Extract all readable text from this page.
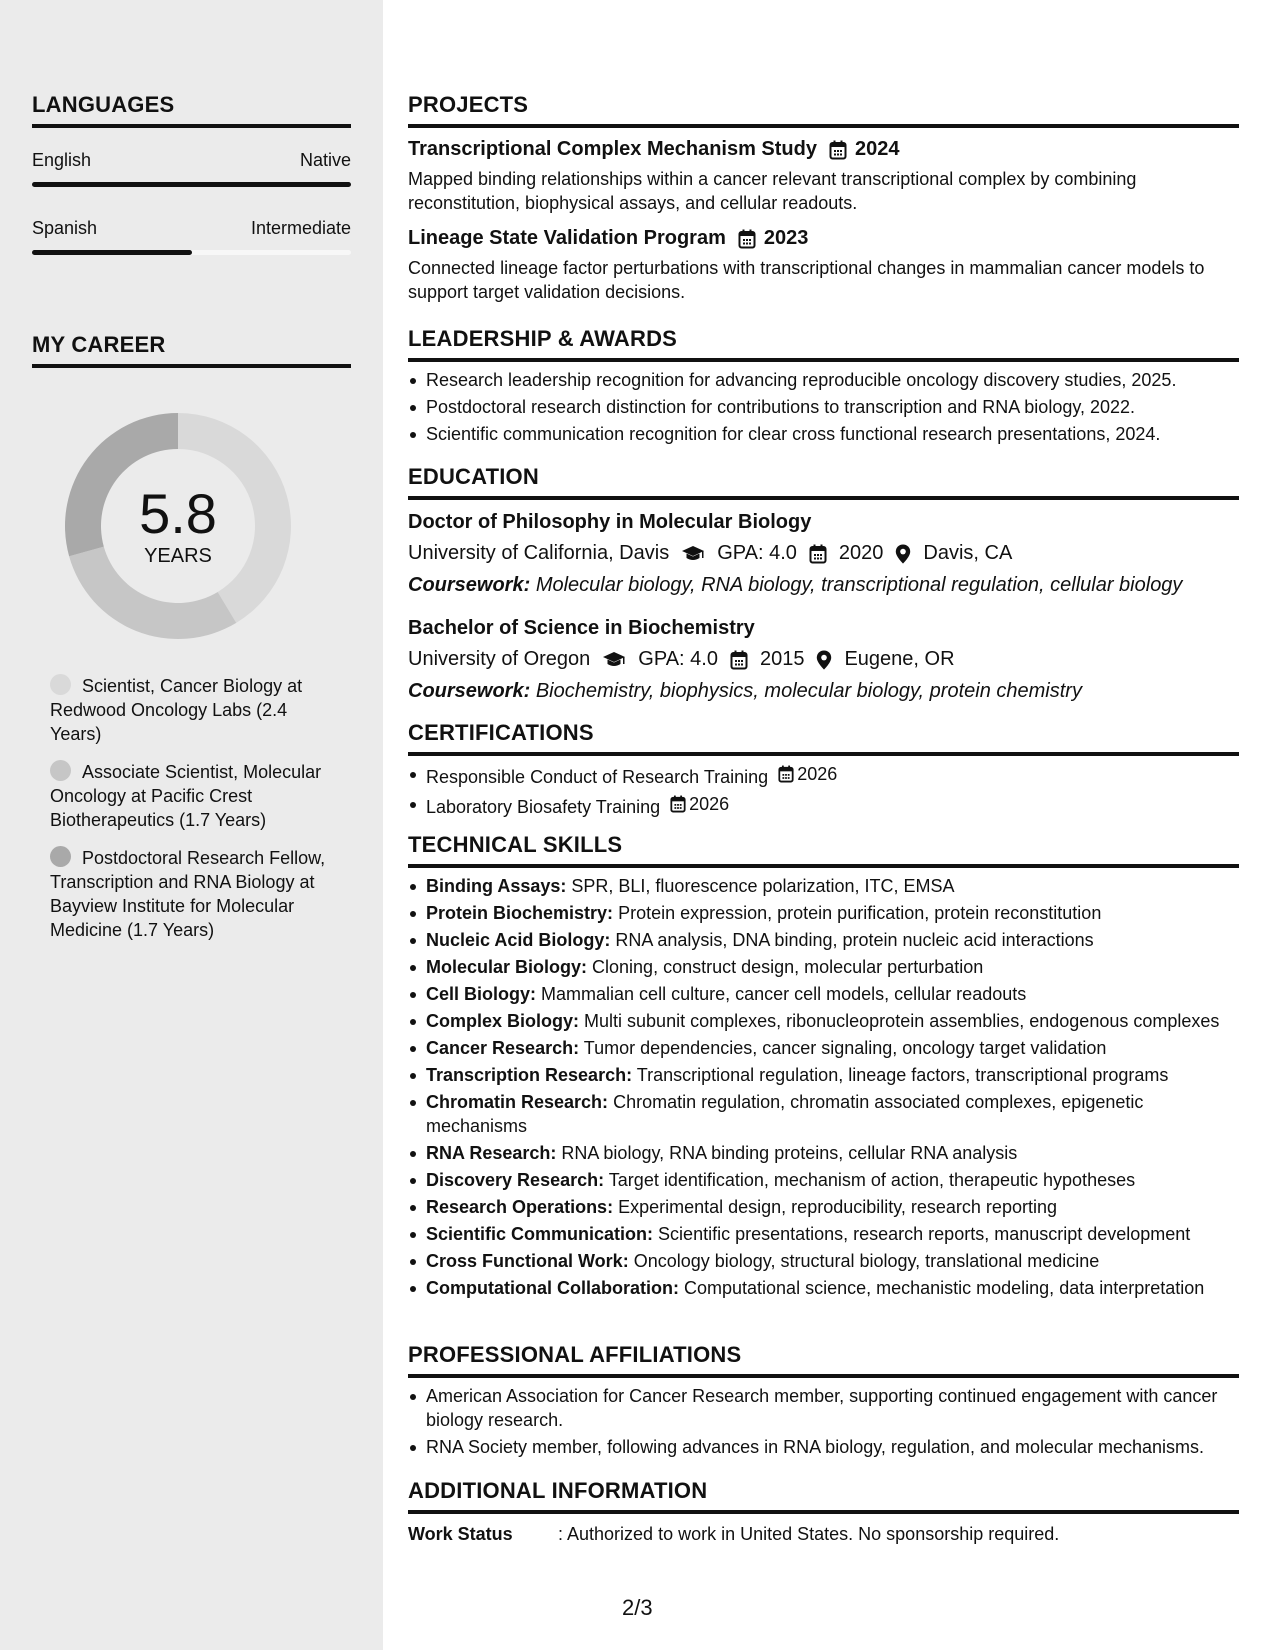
LANGUAGES
English	Native
Spanish	Intermediate
MY CAREER
5.8
YEARS
Scientist, Cancer Biology at Redwood Oncology Labs (2.4 Years)
Associate Scientist, Molecular Oncology at Pacific Crest Biotherapeutics (1.7 Years)
Postdoctoral Research Fellow, Transcription and RNA Biology at Bayview Institute for Molecular Medicine (1.7 Years)
PROJECTS
Transcriptional Complex Mechanism Study 2024
Mapped binding relationships within a cancer relevant transcriptional complex by combining reconstitution, biophysical assays, and cellular readouts.
Lineage State Validation Program 2023
Connected lineage factor perturbations with transcriptional changes in mammalian cancer models to support target validation decisions.
LEADERSHIP & AWARDS
Research leadership recognition for advancing reproducible oncology discovery studies, 2025.
Postdoctoral research distinction for contributions to transcription and RNA biology, 2022.
Scientific communication recognition for clear cross functional research presentations, 2024.
EDUCATION
Doctor of Philosophy in Molecular Biology
University of California, Davis GPA: 4.0 2020 Davis, CA
Coursework: Molecular biology, RNA biology, transcriptional regulation, cellular biology
Bachelor of Science in Biochemistry
University of Oregon GPA: 4.0 2015 Eugene, OR
Coursework: Biochemistry, biophysics, molecular biology, protein chemistry
CERTIFICATIONS
Responsible Conduct of Research Training 2026
Laboratory Biosafety Training 2026
TECHNICAL SKILLS
Binding Assays: SPR, BLI, fluorescence polarization, ITC, EMSA
Protein Biochemistry: Protein expression, protein purification, protein reconstitution
Nucleic Acid Biology: RNA analysis, DNA binding, protein nucleic acid interactions
Molecular Biology: Cloning, construct design, molecular perturbation
Cell Biology: Mammalian cell culture, cancer cell models, cellular readouts
Complex Biology: Multi subunit complexes, ribonucleoprotein assemblies, endogenous complexes
Cancer Research: Tumor dependencies, cancer signaling, oncology target validation
Transcription Research: Transcriptional regulation, lineage factors, transcriptional programs
Chromatin Research: Chromatin regulation, chromatin associated complexes, epigenetic mechanisms
RNA Research: RNA biology, RNA binding proteins, cellular RNA analysis
Discovery Research: Target identification, mechanism of action, therapeutic hypotheses
Research Operations: Experimental design, reproducibility, research reporting
Scientific Communication: Scientific presentations, research reports, manuscript development
Cross Functional Work: Oncology biology, structural biology, translational medicine
Computational Collaboration: Computational science, mechanistic modeling, data interpretation
PROFESSIONAL AFFILIATIONS
American Association for Cancer Research member, supporting continued engagement with cancer biology research.
RNA Society member, following advances in RNA biology, regulation, and molecular mechanisms.
ADDITIONAL INFORMATION
Work Status	: Authorized to work in United States. No sponsorship required.
2/3
